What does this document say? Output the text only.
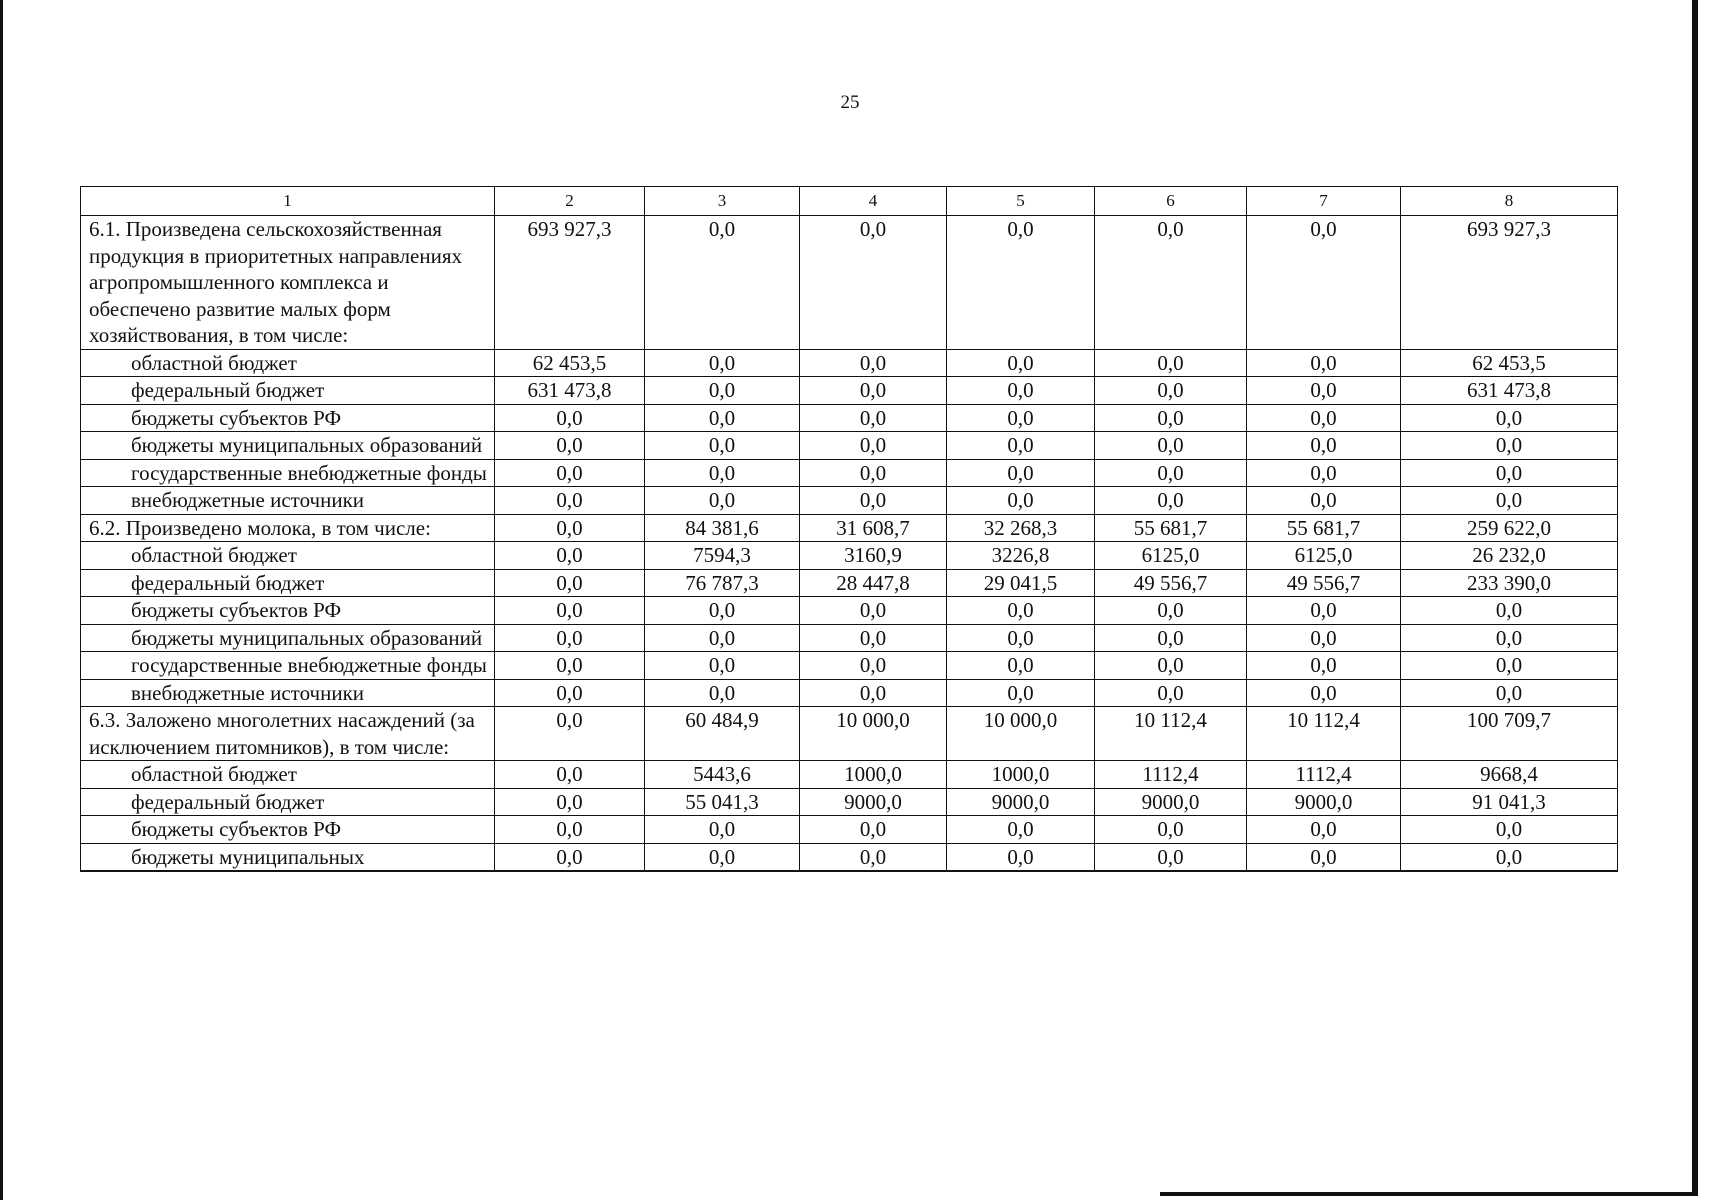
25
1	2	3	4	5	6	7	8
6.1. Произведена сельскохозяйственная продукция в приоритетных направлениях агропромышленного комплекса и обеспечено развитие малых форм хозяйствования, в том числе:	693 927,3	0,0	0,0	0,0	0,0	0,0	693 927,3
областной бюджет	62 453,5	0,0	0,0	0,0	0,0	0,0	62 453,5
федеральный бюджет	631 473,8	0,0	0,0	0,0	0,0	0,0	631 473,8
бюджеты субъектов РФ	0,0	0,0	0,0	0,0	0,0	0,0	0,0
бюджеты муниципальных образований	0,0	0,0	0,0	0,0	0,0	0,0	0,0
государственные внебюджетные фонды	0,0	0,0	0,0	0,0	0,0	0,0	0,0
внебюджетные источники	0,0	0,0	0,0	0,0	0,0	0,0	0,0
6.2. Произведено молока, в том числе:	0,0	84 381,6	31 608,7	32 268,3	55 681,7	55 681,7	259 622,0
областной бюджет	0,0	7594,3	3160,9	3226,8	6125,0	6125,0	26 232,0
федеральный бюджет	0,0	76 787,3	28 447,8	29 041,5	49 556,7	49 556,7	233 390,0
бюджеты субъектов РФ	0,0	0,0	0,0	0,0	0,0	0,0	0,0
бюджеты муниципальных образований	0,0	0,0	0,0	0,0	0,0	0,0	0,0
государственные внебюджетные фонды	0,0	0,0	0,0	0,0	0,0	0,0	0,0
внебюджетные источники	0,0	0,0	0,0	0,0	0,0	0,0	0,0
6.3. Заложено многолетних насаждений (за исключением питомников), в том числе:	0,0	60 484,9	10 000,0	10 000,0	10 112,4	10 112,4	100 709,7
областной бюджет	0,0	5443,6	1000,0	1000,0	1112,4	1112,4	9668,4
федеральный бюджет	0,0	55 041,3	9000,0	9000,0	9000,0	9000,0	91 041,3
бюджеты субъектов РФ	0,0	0,0	0,0	0,0	0,0	0,0	0,0
бюджеты муниципальных	0,0	0,0	0,0	0,0	0,0	0,0	0,0
